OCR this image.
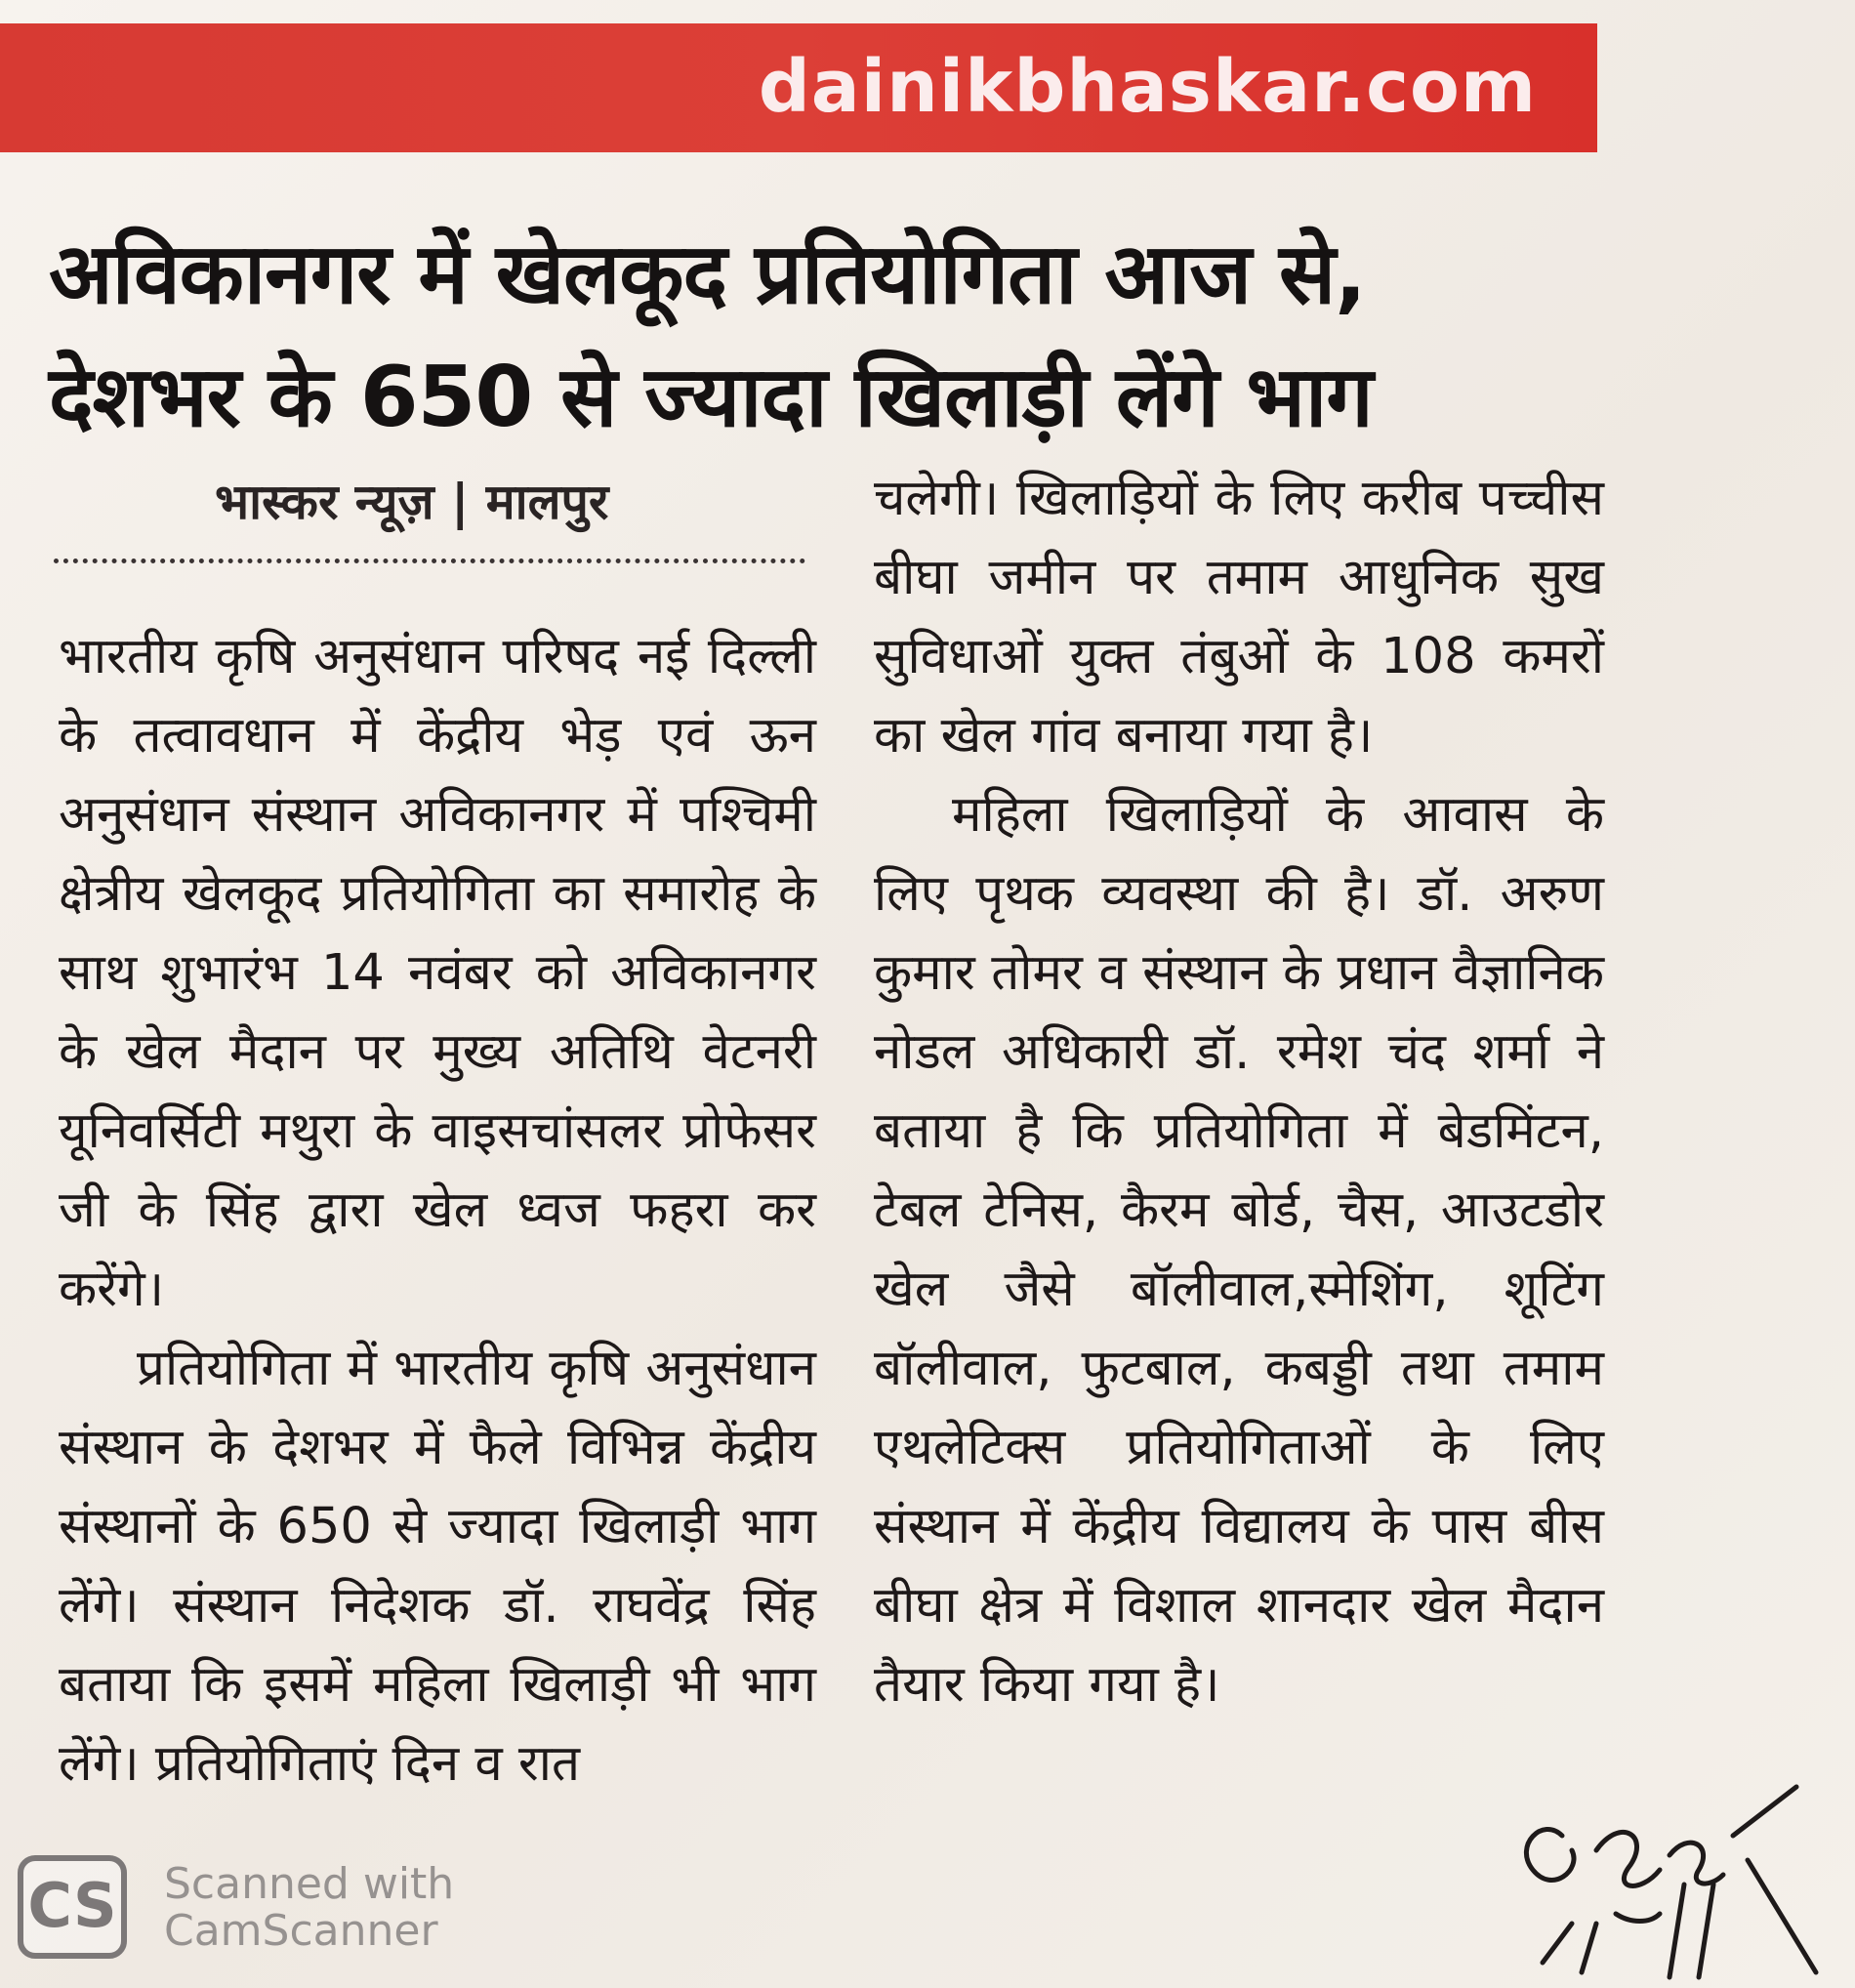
dainikbhaskar.com
अविकानगर में खेलकूद प्रतियोगिता आज से,
देशभर के 650 से ज्यादा खिलाड़ी लेंगे भाग
भास्कर न्यूज़ | मालपुर

भारतीय कृषि अनुसंधान परिषद नई दिल्ली के तत्वावधान में केंद्रीय भेड़ एवं ऊन अनुसंधान संस्थान अविकानगर में पश्चिमी क्षेत्रीय खेलकूद प्रतियोगिता का समारोह के साथ शुभारंभ 14 नवंबर को अविकानगर के खेल मैदान पर मुख्य अतिथि वेटनरी यूनिवर्सिटी मथुरा के वाइसचांसलर प्रोफेसर जी के सिंह द्वारा खेल ध्वज फहरा कर करेंगे।

प्रतियोगिता में भारतीय कृषि अनुसंधान संस्थान के देशभर में फैले विभिन्न केंद्रीय संस्थानों के 650 से ज्यादा खिलाड़ी भाग लेंगे। संस्थान निदेशक डॉ. राघवेंद्र सिंह बताया कि इसमें महिला खिलाड़ी भी भाग लेंगे। प्रतियोगिताएं दिन व रात

चलेगी। खिलाड़ियों के लिए करीब पच्चीस बीघा जमीन पर तमाम आधुनिक सुख सुविधाओं युक्त तंबुओं के 108 कमरों का खेल गांव बनाया गया है।

महिला खिलाड़ियों के आवास के लिए पृथक व्यवस्था की है। डॉ. अरुण कुमार तोमर व संस्थान के प्रधान वैज्ञानिक नोडल अधिकारी डॉ. रमेश चंद शर्मा ने बताया है कि प्रतियोगिता में बेडमिंटन, टेबल टेनिस, कैरम बोर्ड, चैस, आउटडोर खेल जैसे बॉलीवाल,स्मेशिंग, शूटिंग बॉलीवाल, फुटबाल, कबड्डी तथा तमाम एथलेटिक्स प्रतियोगिताओं के लिए संस्थान में केंद्रीय विद्यालय के पास बीस बीघा क्षेत्र में विशाल शानदार खेल मैदान तैयार किया गया है।

CS Scanned with
CamScanner
